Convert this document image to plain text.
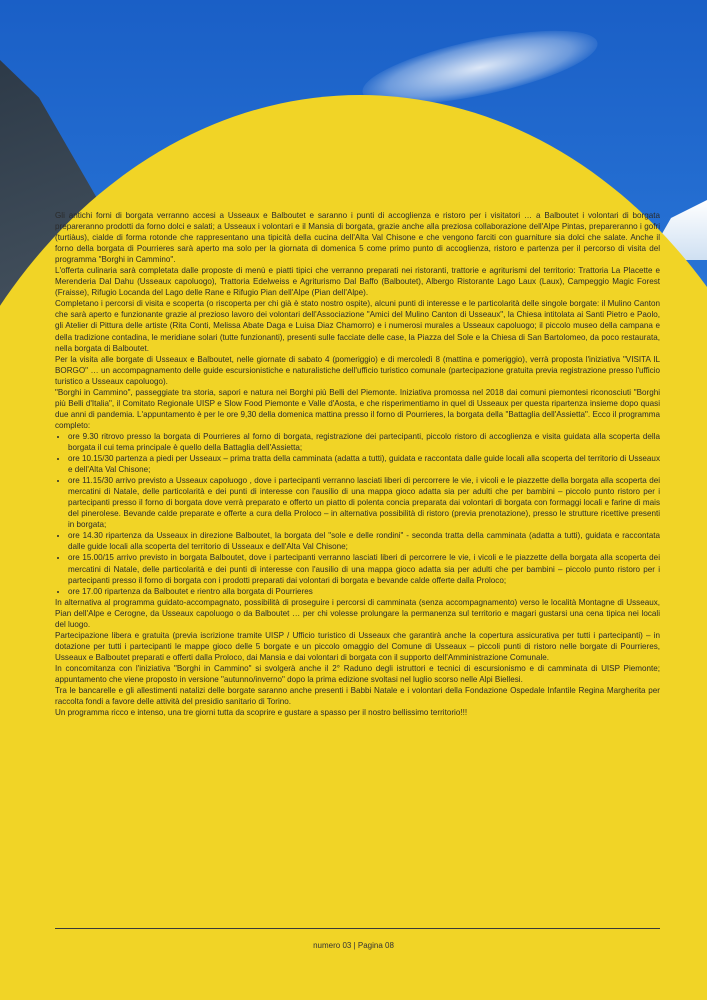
Gli antichi forni di borgata verranno accesi a Usseaux e Balboutet e saranno i punti di accoglienza e ristoro per i visitatori … a Balboutet i volontari di borgata prepareranno prodotti da forno dolci e salati; a Usseaux i volontari e il Mansia di borgata, grazie anche alla preziosa collaborazione dell'Alpe Pintas, prepareranno i gofri (turtiàus), cialde di forma rotonde che rappresentano una tipicità della cucina dell'Alta Val Chisone e che vengono farciti con guarniture sia dolci che salate. Anche il forno della borgata di Pourrieres sarà aperto ma solo per la giornata di domenica 5 come primo punto di accoglienza, ristoro e partenza per il percorso di visita del programma "Borghi in Cammino".

L'offerta culinaria sarà completata dalle proposte di menù e piatti tipici che verranno preparati nei ristoranti, trattorie e agriturismi del territorio: Trattoria La Placette e Merenderia Dal Dahu (Usseaux capoluogo), Trattoria Edelweiss e Agriturismo Dal Baffo (Balboutet), Albergo Ristorante Lago Laux (Laux), Campeggio Magic Forest (Fraisse), Rifugio Locanda del Lago delle Rane e Rifugio Pian dell'Alpe (Pian dell'Alpe).

Completano i percorsi di visita e scoperta (o riscoperta per chi già è stato nostro ospite), alcuni punti di interesse e le particolarità delle singole borgate: il Mulino Canton che sarà aperto e funzionante grazie al prezioso lavoro dei volontari dell'Associazione "Amici del Mulino Canton di Usseaux", la Chiesa intitolata ai Santi Pietro e Paolo, gli Atelier di Pittura delle artiste (Rita Conti, Melissa Abate Daga e Luisa Diaz Chamorro) e i numerosi murales a Usseaux capoluogo; il piccolo museo della campana e della tradizione contadina, le meridiane solari (tutte funzionanti), presenti sulle facciate delle case, la Piazza del Sole e la Chiesa di San Bartolomeo, da poco restaurata, nella borgata di Balboutet.

Per la visita alle borgate di Usseaux e Balboutet, nelle giornate di sabato 4 (pomeriggio) e di mercoledì 8 (mattina e pomeriggio), verrà proposta l'iniziativa "VISITA IL BORGO" … un accompagnamento delle guide escursionistiche e naturalistiche dell'ufficio turistico comunale (partecipazione gratuita previa registrazione presso l'ufficio turistico a Usseaux capoluogo).

"Borghi in Cammino", passeggiate tra storia, sapori e natura nei Borghi più Belli del Piemonte. Iniziativa promossa nel 2018 dai comuni piemontesi riconosciuti "Borghi più Belli d'Italia", il Comitato Regionale UISP e Slow Food Piemonte e Valle d'Aosta, e che risperimentiamo in quel di Usseaux per questa ripartenza insieme dopo quasi due anni di pandemia. L'appuntamento è per le ore 9,30 della domenica mattina presso il forno di Pourrieres, la borgata della "Battaglia dell'Assietta". Ecco il programma completo:

• ore 9.30 ritrovo presso la borgata di Pourrieres al forno di borgata, registrazione dei partecipanti, piccolo ristoro di accoglienza e visita guidata alla scoperta della borgata il cui tema principale è quello della Battaglia dell'Assietta;
• ore 10.15/30 partenza a piedi per Usseaux – prima tratta della camminata (adatta a tutti), guidata e raccontata dalle guide locali alla scoperta del territorio di Usseaux e dell'Alta Val Chisone;
• ore 11.15/30 arrivo previsto a Usseaux capoluogo , dove i partecipanti verranno lasciati liberi di percorrere le vie, i vicoli e le piazzette della borgata alla scoperta dei mercatini di Natale, delle particolarità e dei punti di interesse con l'ausilio di una mappa gioco adatta sia per adulti che per bambini – piccolo punto ristoro per i partecipanti presso il forno di borgata dove verrà preparato e offerto un piatto di polenta concia preparata dai volontari di borgata con formaggi locali e farine di mais del pinerolese. Bevande calde preparate e offerte a cura della Proloco – in alternativa possibilità di ristoro (previa prenotazione), presso le strutture ricettive presenti in borgata;
• ore 14.30 ripartenza da Usseaux in direzione Balboutet, la borgata del "sole e delle rondini" - seconda tratta della camminata (adatta a tutti), guidata e raccontata dalle guide locali alla scoperta del territorio di Usseaux e dell'Alta Val Chisone;
• ore 15.00/15 arrivo previsto in borgata Balboutet, dove i partecipanti verranno lasciati liberi di percorrere le vie, i vicoli e le piazzette della borgata alla scoperta dei mercatini di Natale, delle particolarità e dei punti di interesse con l'ausilio di una mappa gioco adatta sia per adulti che per bambini – piccolo punto ristoro per i partecipanti presso il forno di borgata con i prodotti preparati dai volontari di borgata e bevande calde offerte dalla Proloco;
• ore 17.00 ripartenza da Balboutet e rientro alla borgata di Pourrieres

In alternativa al programma guidato-accompagnato, possibilità di proseguire i percorsi di camminata (senza accompagnamento) verso le località Montagne di Usseaux, Pian dell'Alpe e Cerogne, da Usseaux capoluogo o da Balboutet … per chi volesse prolungare la permanenza sul territorio e magari gustarsi una cena tipica nei locali del luogo.

Partecipazione libera e gratuita (previa iscrizione tramite UISP / Ufficio turistico di Usseaux che garantirà anche la copertura assicurativa per tutti i partecipanti) – in dotazione per tutti i partecipanti le mappe gioco delle 5 borgate e un piccolo omaggio del Comune di Usseaux – piccoli punti di ristoro nelle borgate di Pourrieres, Usseaux e Balboutet preparati e offerti dalla Proloco, dai Mansia e dai volontari di borgata con il supporto dell'Amministrazione Comunale.

In concomitanza con l'iniziativa "Borghi in Cammino" si svolgerà anche il 2° Raduno degli istruttori e tecnici di escursionismo e di camminata di UISP Piemonte; appuntamento che viene proposto in versione "autunno/inverno" dopo la prima edizione svoltasi nel luglio scorso nelle Alpi Biellesi.

Tra le bancarelle e gli allestimenti natalizi delle borgate saranno anche presenti i Babbi Natale e i volontari della Fondazione Ospedale Infantile Regina Margherita per raccolta fondi a favore delle attività del presidio sanitario di Torino.

Un programma ricco e intenso, una tre giorni tutta da scoprire e gustare a spasso per il nostro bellissimo territorio!!!

numero 03 | Pagina 08
